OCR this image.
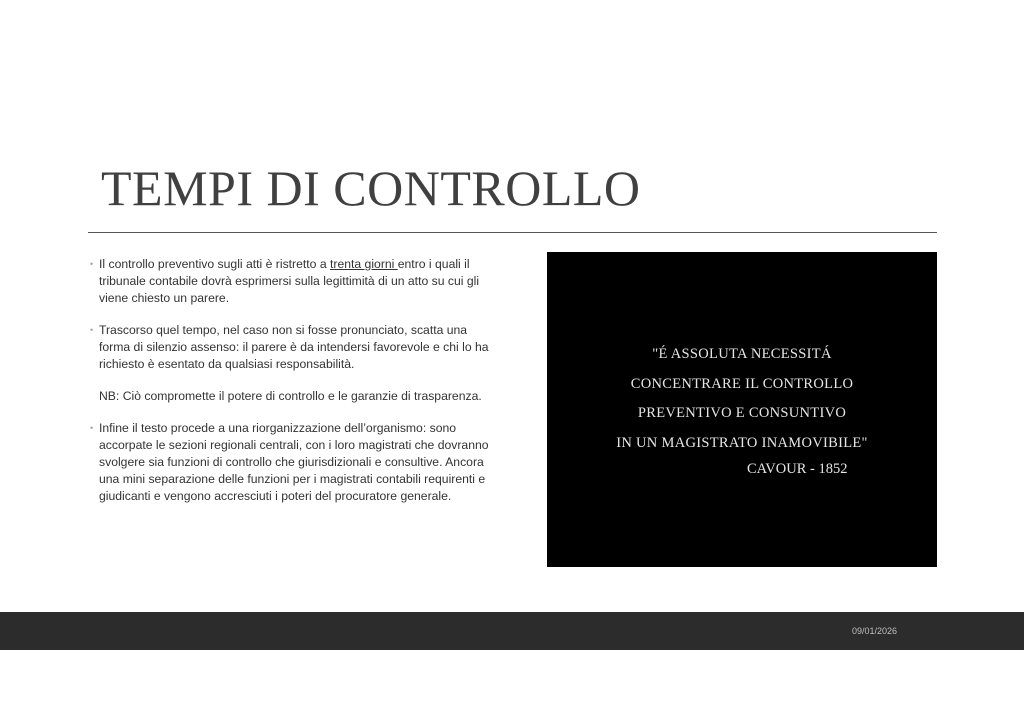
TEMPI DI CONTROLLO

• Il controllo preventivo sugli atti è ristretto a trenta giorni entro i quali il tribunale contabile dovrà esprimersi sulla legittimità di un atto su cui gli viene chiesto un parere.

• Trascorso quel tempo, nel caso non si fosse pronunciato, scatta una forma di silenzio assenso: il parere è da intendersi favorevole e chi lo ha richiesto è esentato da qualsiasi responsabilità.

NB: Ciò compromette il potere di controllo e le garanzie di trasparenza.

• Infine il testo procede a una riorganizzazione dell’organismo: sono accorpate le sezioni regionali centrali, con i loro magistrati che dovranno svolgere sia funzioni di controllo che giurisdizionali e consultive. Ancora una mini separazione delle funzioni per i magistrati contabili requirenti e giudicanti e vengono accresciuti i poteri del procuratore generale.

"É ASSOLUTA NECESSITÁ
CONCENTRARE IL CONTROLLO
PREVENTIVO E CONSUNTIVO
IN UN MAGISTRATO INAMOVIBILE"
CAVOUR - 1852
09/01/2026
